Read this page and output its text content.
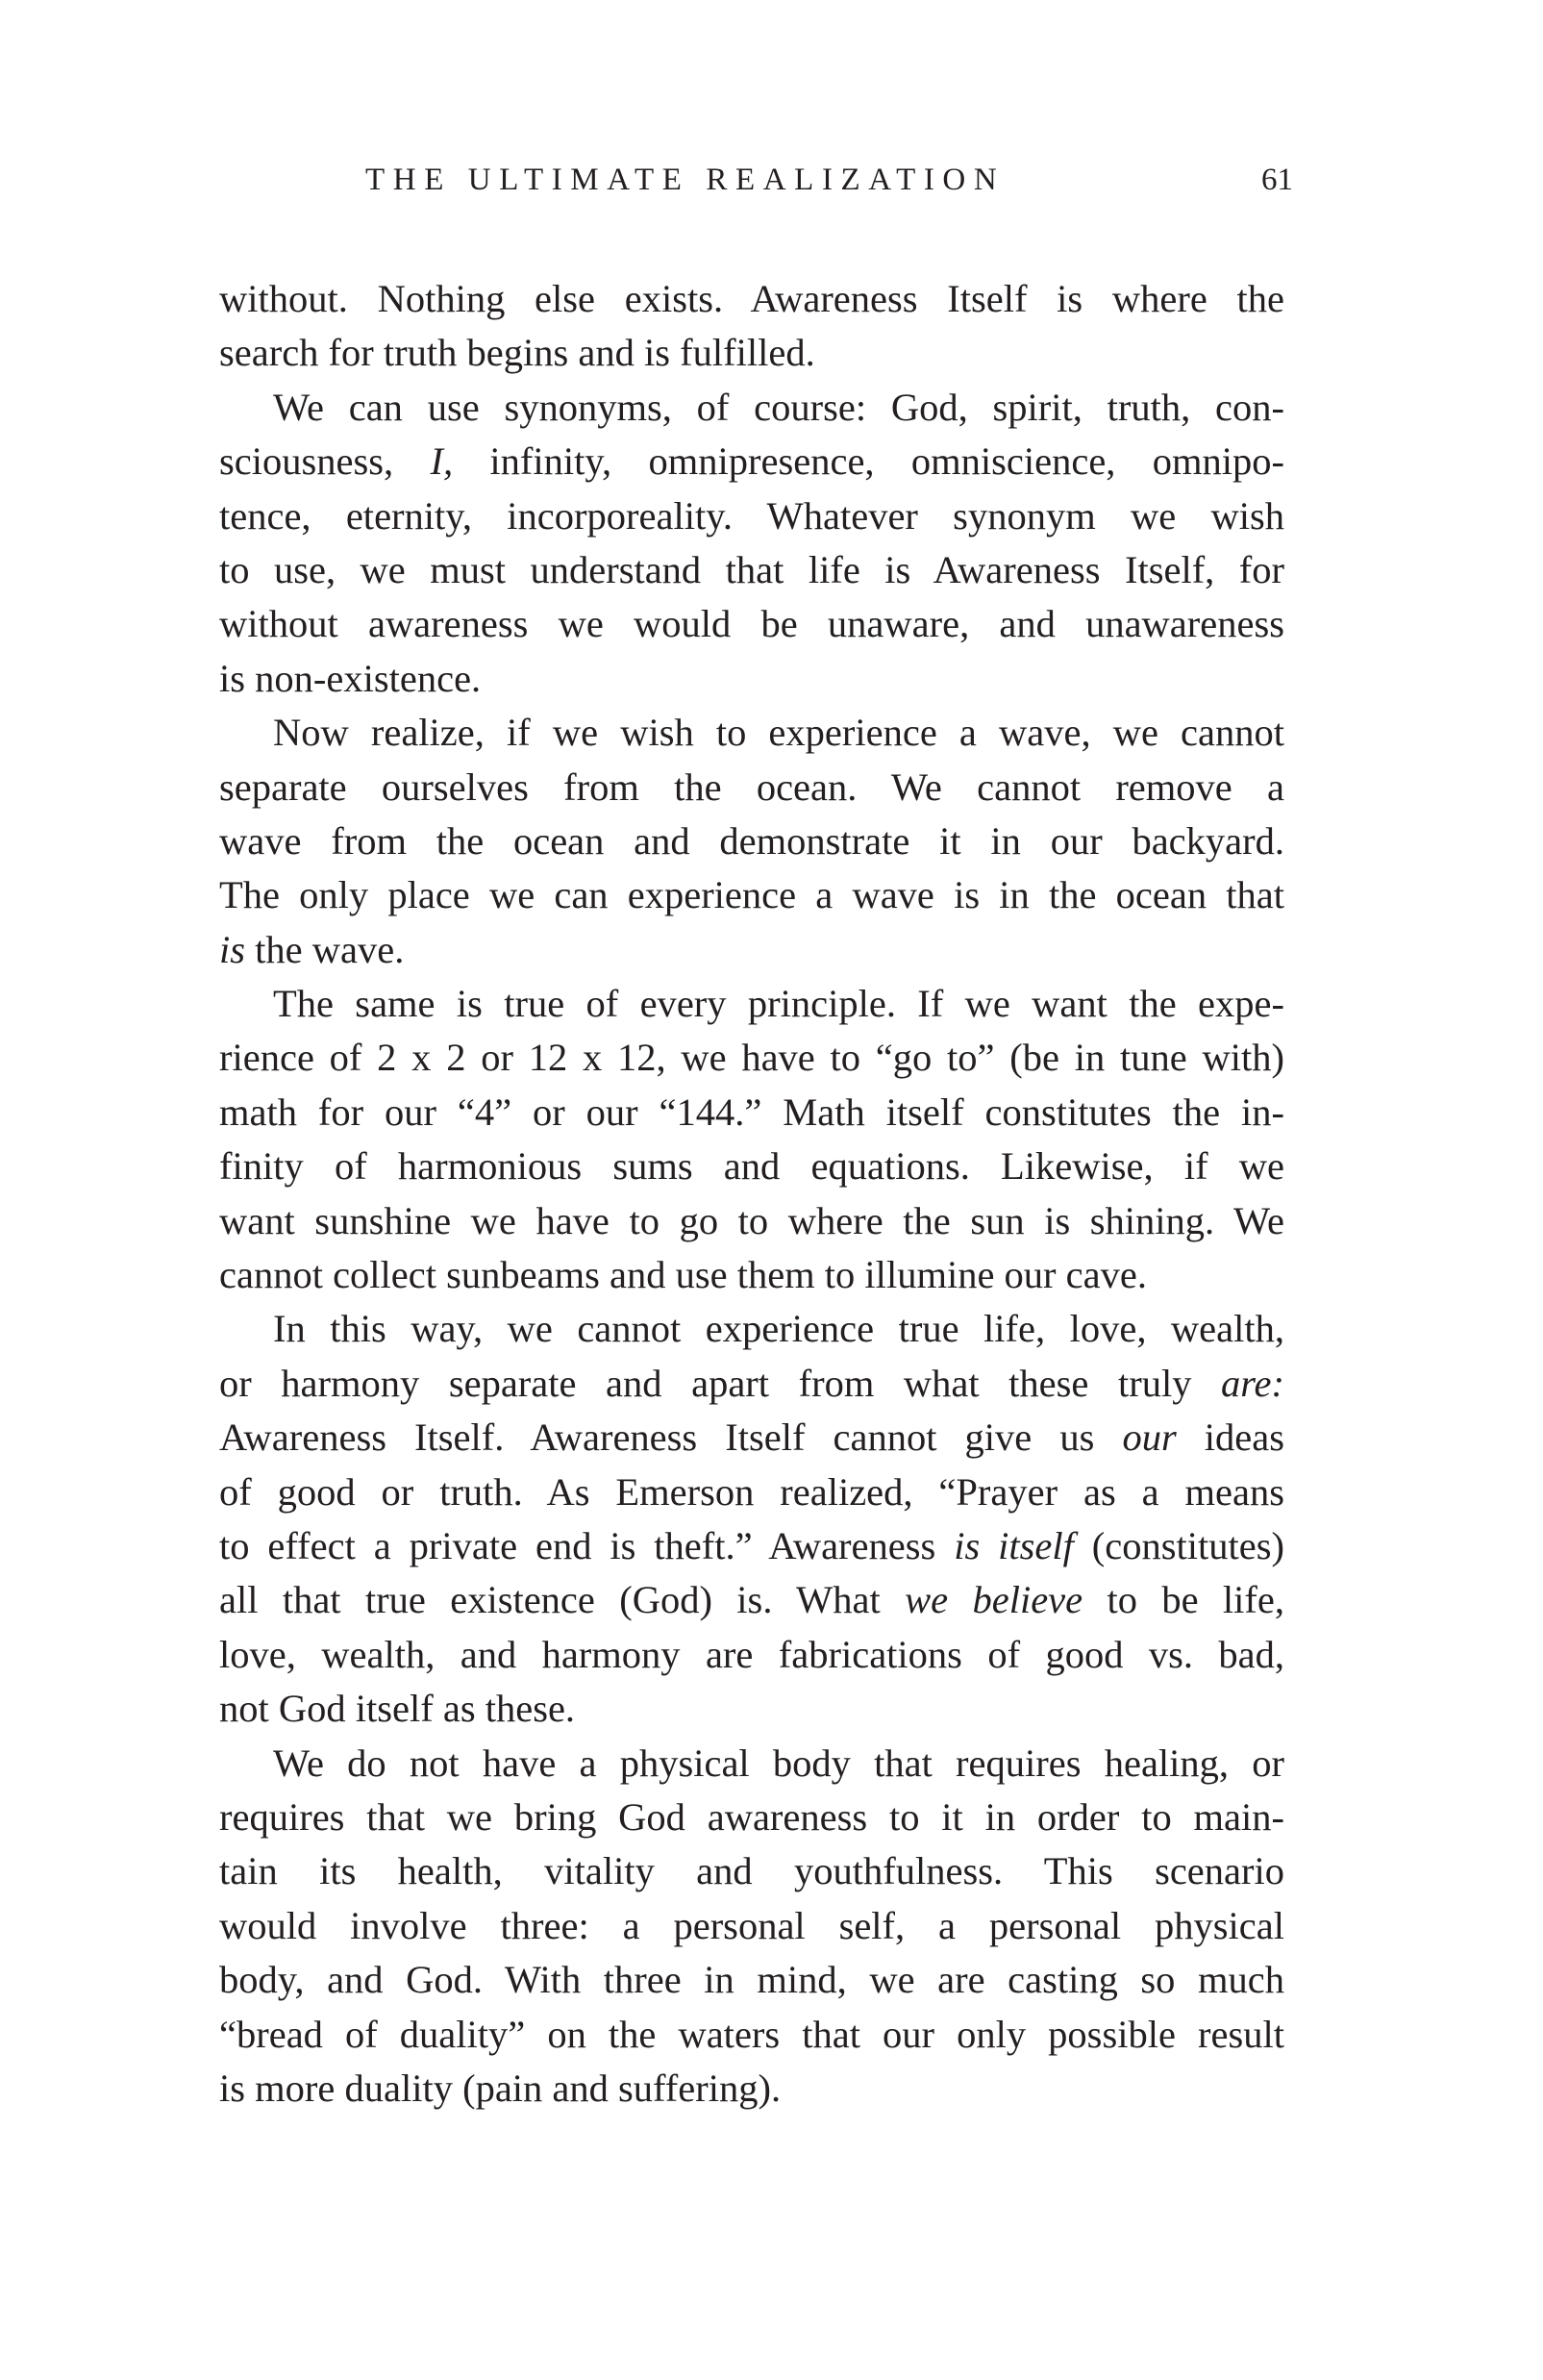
THE ULTIMATE REALIZATION	61
without. Nothing else exists. Awareness Itself is where the
search for truth begins and is fulfilled.
We can use synonyms, of course: God, spirit, truth, con-
sciousness, I, infinity, omnipresence, omniscience, omnipo-
tence, eternity, incorporeality. Whatever synonym we wish
to use, we must understand that life is Awareness Itself, for
without awareness we would be unaware, and unawareness
is non-existence.
Now realize, if we wish to experience a wave, we cannot
separate ourselves from the ocean. We cannot remove a
wave from the ocean and demonstrate it in our backyard.
The only place we can experience a wave is in the ocean that
is the wave.
The same is true of every principle. If we want the expe-
rience of 2 x 2 or 12 x 12, we have to “go to” (be in tune with)
math for our “4” or our “144.” Math itself constitutes the in-
finity of harmonious sums and equations. Likewise, if we
want sunshine we have to go to where the sun is shining. We
cannot collect sunbeams and use them to illumine our cave.
In this way, we cannot experience true life, love, wealth,
or harmony separate and apart from what these truly are:
Awareness Itself. Awareness Itself cannot give us our ideas
of good or truth. As Emerson realized, “Prayer as a means
to effect a private end is theft.” Awareness is itself (constitutes)
all that true existence (God) is. What we believe to be life,
love, wealth, and harmony are fabrications of good vs. bad,
not God itself as these.
We do not have a physical body that requires healing, or
requires that we bring God awareness to it in order to main-
tain its health, vitality and youthfulness. This scenario
would involve three: a personal self, a personal physical
body, and God. With three in mind, we are casting so much
“bread of duality” on the waters that our only possible result
is more duality (pain and suffering).
